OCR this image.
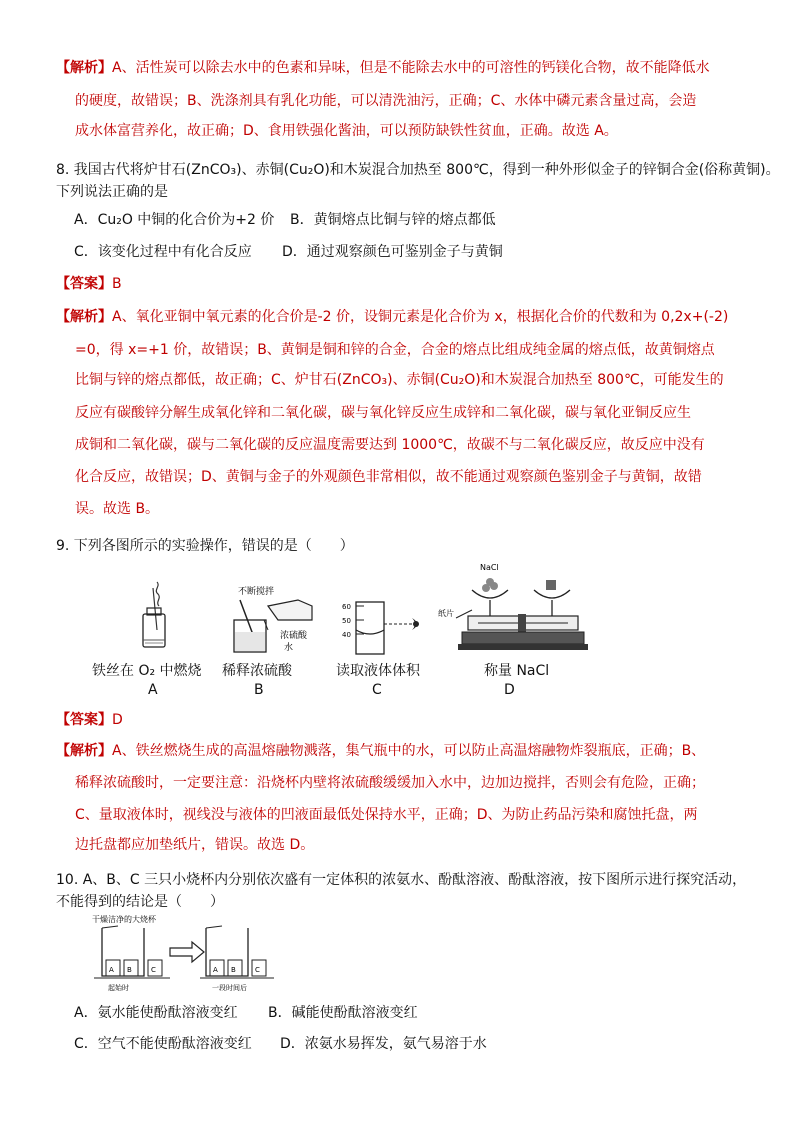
【解析】A、活性炭可以除去水中的色素和异味，但是不能除去水中的可溶性的钙镁化合物，故不能降低水
的硬度，故错误；B、洗涤剂具有乳化功能，可以清洗油污，正确；C、水体中磷元素含量过高，会造
成水体富营养化，故正确；D、食用铁强化酱油，可以预防缺铁性贫血，正确。故选 A。
8. 我国古代将炉甘石(ZnCO₃)、赤铜(Cu₂O)和木炭混合加热至 800℃，得到一种外形似金子的锌铜合金(俗称黄铜)。
下列说法正确的是
A．Cu₂O 中铜的化合价为+2 价 B．黄铜熔点比铜与锌的熔点都低
C．该变化过程中有化合反应 D．通过观察颜色可鉴别金子与黄铜
【答案】B
【解析】A、氧化亚铜中氧元素的化合价是-2 价，设铜元素是化合价为 x，根据化合价的代数和为 0,2x+(-2)
=0，得 x=+1 价，故错误；B、黄铜是铜和锌的合金，合金的熔点比组成纯金属的熔点低，故黄铜熔点
比铜与锌的熔点都低，故正确；C、炉甘石(ZnCO₃)、赤铜(Cu₂O)和木炭混合加热至 800℃，可能发生的
反应有碳酸锌分解生成氧化锌和二氧化碳，碳与氧化锌反应生成锌和二氧化碳，碳与氧化亚铜反应生
成铜和二氧化碳，碳与二氧化碳的反应温度需要达到 1000℃，故碳不与二氧化碳反应，故反应中没有
化合反应，故错误；D、黄铜与金子的外观颜色非常相似，故不能通过观察颜色鉴别金子与黄铜，故错
误。故选 B。
9. 下列各图所示的实验操作，错误的是（　　）
铁丝在 O₂ 中燃烧
A
不断搅拌
浓硫酸
水
稀释浓硫酸
B
60
50
40
读取液体体积
C
NaCl
纸片
称量 NaCl
D
【答案】D
【解析】A、铁丝燃烧生成的高温熔融物溅落，集气瓶中的水，可以防止高温熔融物炸裂瓶底，正确；B、
稀释浓硫酸时，一定要注意：沿烧杯内壁将浓硫酸缓缓加入水中，边加边搅拌，否则会有危险，正确；
C、量取液体时，视线没与液体的凹液面最低处保持水平，正确；D、为防止药品污染和腐蚀托盘，两
边托盘都应加垫纸片，错误。故选 D。
10. A、B、C 三只小烧杯内分别依次盛有一定体积的浓氨水、酚酞溶液、酚酞溶液，按下图所示进行探究活动，
不能得到的结论是（　　）
干燥洁净的大烧杯
A B	C
起始时
A B	C
一段时间后
A．氨水能使酚酞溶液变红 B．碱能使酚酞溶液变红
C．空气不能使酚酞溶液变红 D．浓氨水易挥发，氨气易溶于水
